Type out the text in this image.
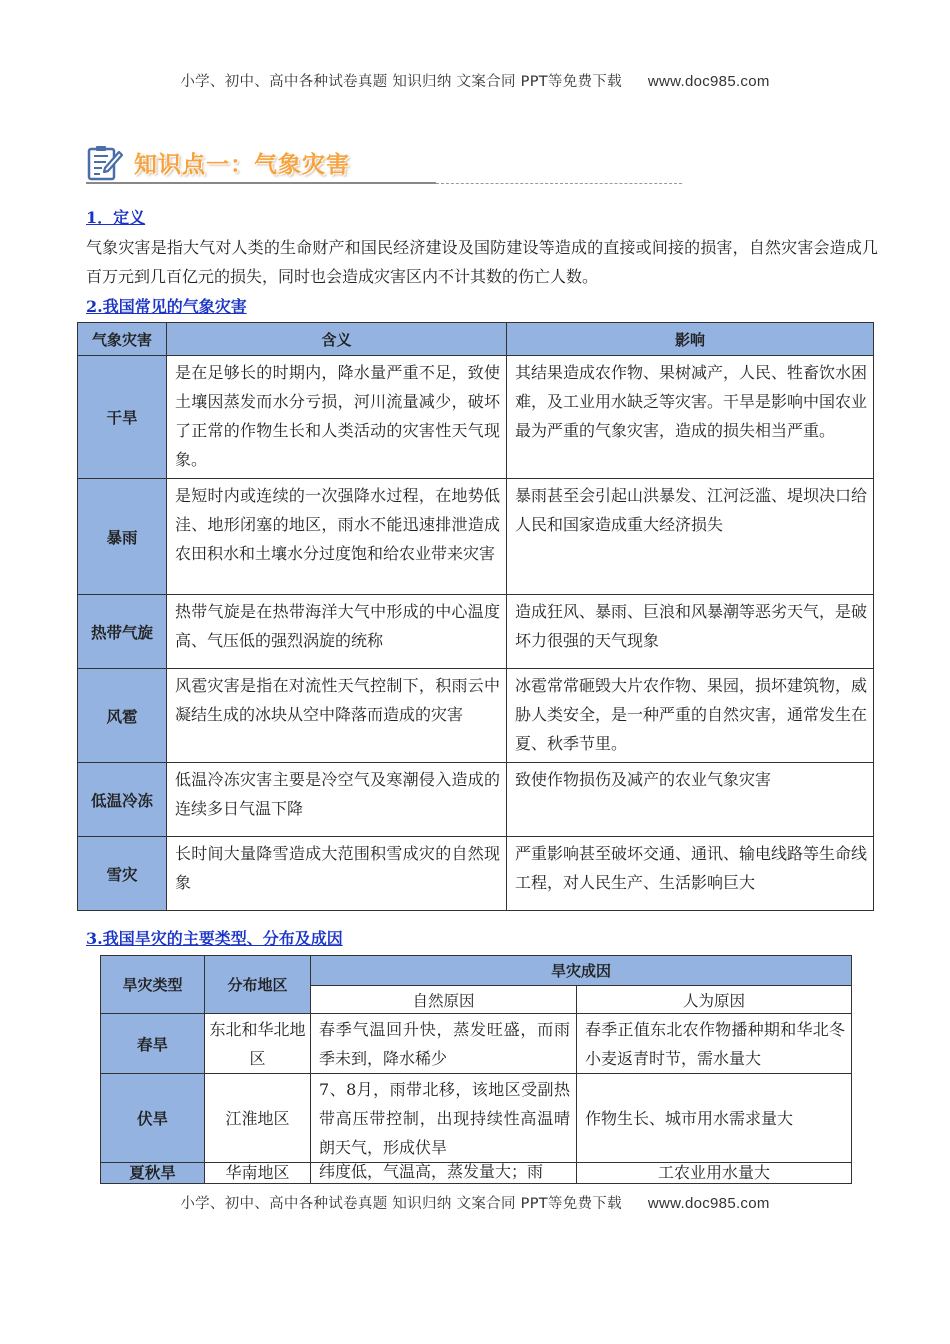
小学、初中、高中各种试卷真题 知识归纳 文案合同 PPT等免费下载 www.doc985.com
知识点一：气象灾害
1．定义
气象灾害是指大气对人类的生命财产和国民经济建设及国防建设等造成的直接或间接的损害，自然灾害会造成几百万元到几百亿元的损失，同时也会造成灾害区内不计其数的伤亡人数。
2.我国常见的气象灾害
气象灾害	含义	影响
干旱	是在足够长的时期内，降水量严重不足，致使土壤因蒸发而水分亏损，河川流量减少，破坏了正常的作物生长和人类活动的灾害性天气现象。	其结果造成农作物、果树减产，人民、牲畜饮水困难，及工业用水缺乏等灾害。干旱是影响中国农业最为严重的气象灾害，造成的损失相当严重。
暴雨	是短时内或连续的一次强降水过程，在地势低洼、地形闭塞的地区，雨水不能迅速排泄造成农田积水和土壤水分过度饱和给农业带来灾害	暴雨甚至会引起山洪暴发、江河泛滥、堤坝决口给人民和国家造成重大经济损失
热带气旋	热带气旋是在热带海洋大气中形成的中心温度高、气压低的强烈涡旋的统称	造成狂风、暴雨、巨浪和风暴潮等恶劣天气，是破坏力很强的天气现象
风雹	风雹灾害是指在对流性天气控制下，积雨云中凝结生成的冰块从空中降落而造成的灾害	冰雹常常砸毁大片农作物、果园，损坏建筑物，威胁人类安全，是一种严重的自然灾害，通常发生在夏、秋季节里。
低温冷冻	低温冷冻灾害主要是冷空气及寒潮侵入造成的连续多日气温下降	致使作物损伤及减产的农业气象灾害
雪灾	长时间大量降雪造成大范围积雪成灾的自然现象	严重影响甚至破坏交通、通讯、输电线路等生命线工程，对人民生产、生活影响巨大
3.我国旱灾的主要类型、分布及成因
旱灾类型	分布地区	旱灾成因	
		自然原因	人为原因
春旱	东北和华北地区	春季气温回升快，蒸发旺盛，而雨季未到，降水稀少	春季正值东北农作物播种期和华北冬小麦返青时节，需水量大
伏旱	江淮地区	7、8月，雨带北移，该地区受副热带高压带控制，出现持续性高温晴朗天气，形成伏旱	作物生长、城市用水需求量大
夏秋旱	华南地区	纬度低，气温高，蒸发量大；雨	工农业用水量大
小学、初中、高中各种试卷真题 知识归纳 文案合同 PPT等免费下载 www.doc985.com
